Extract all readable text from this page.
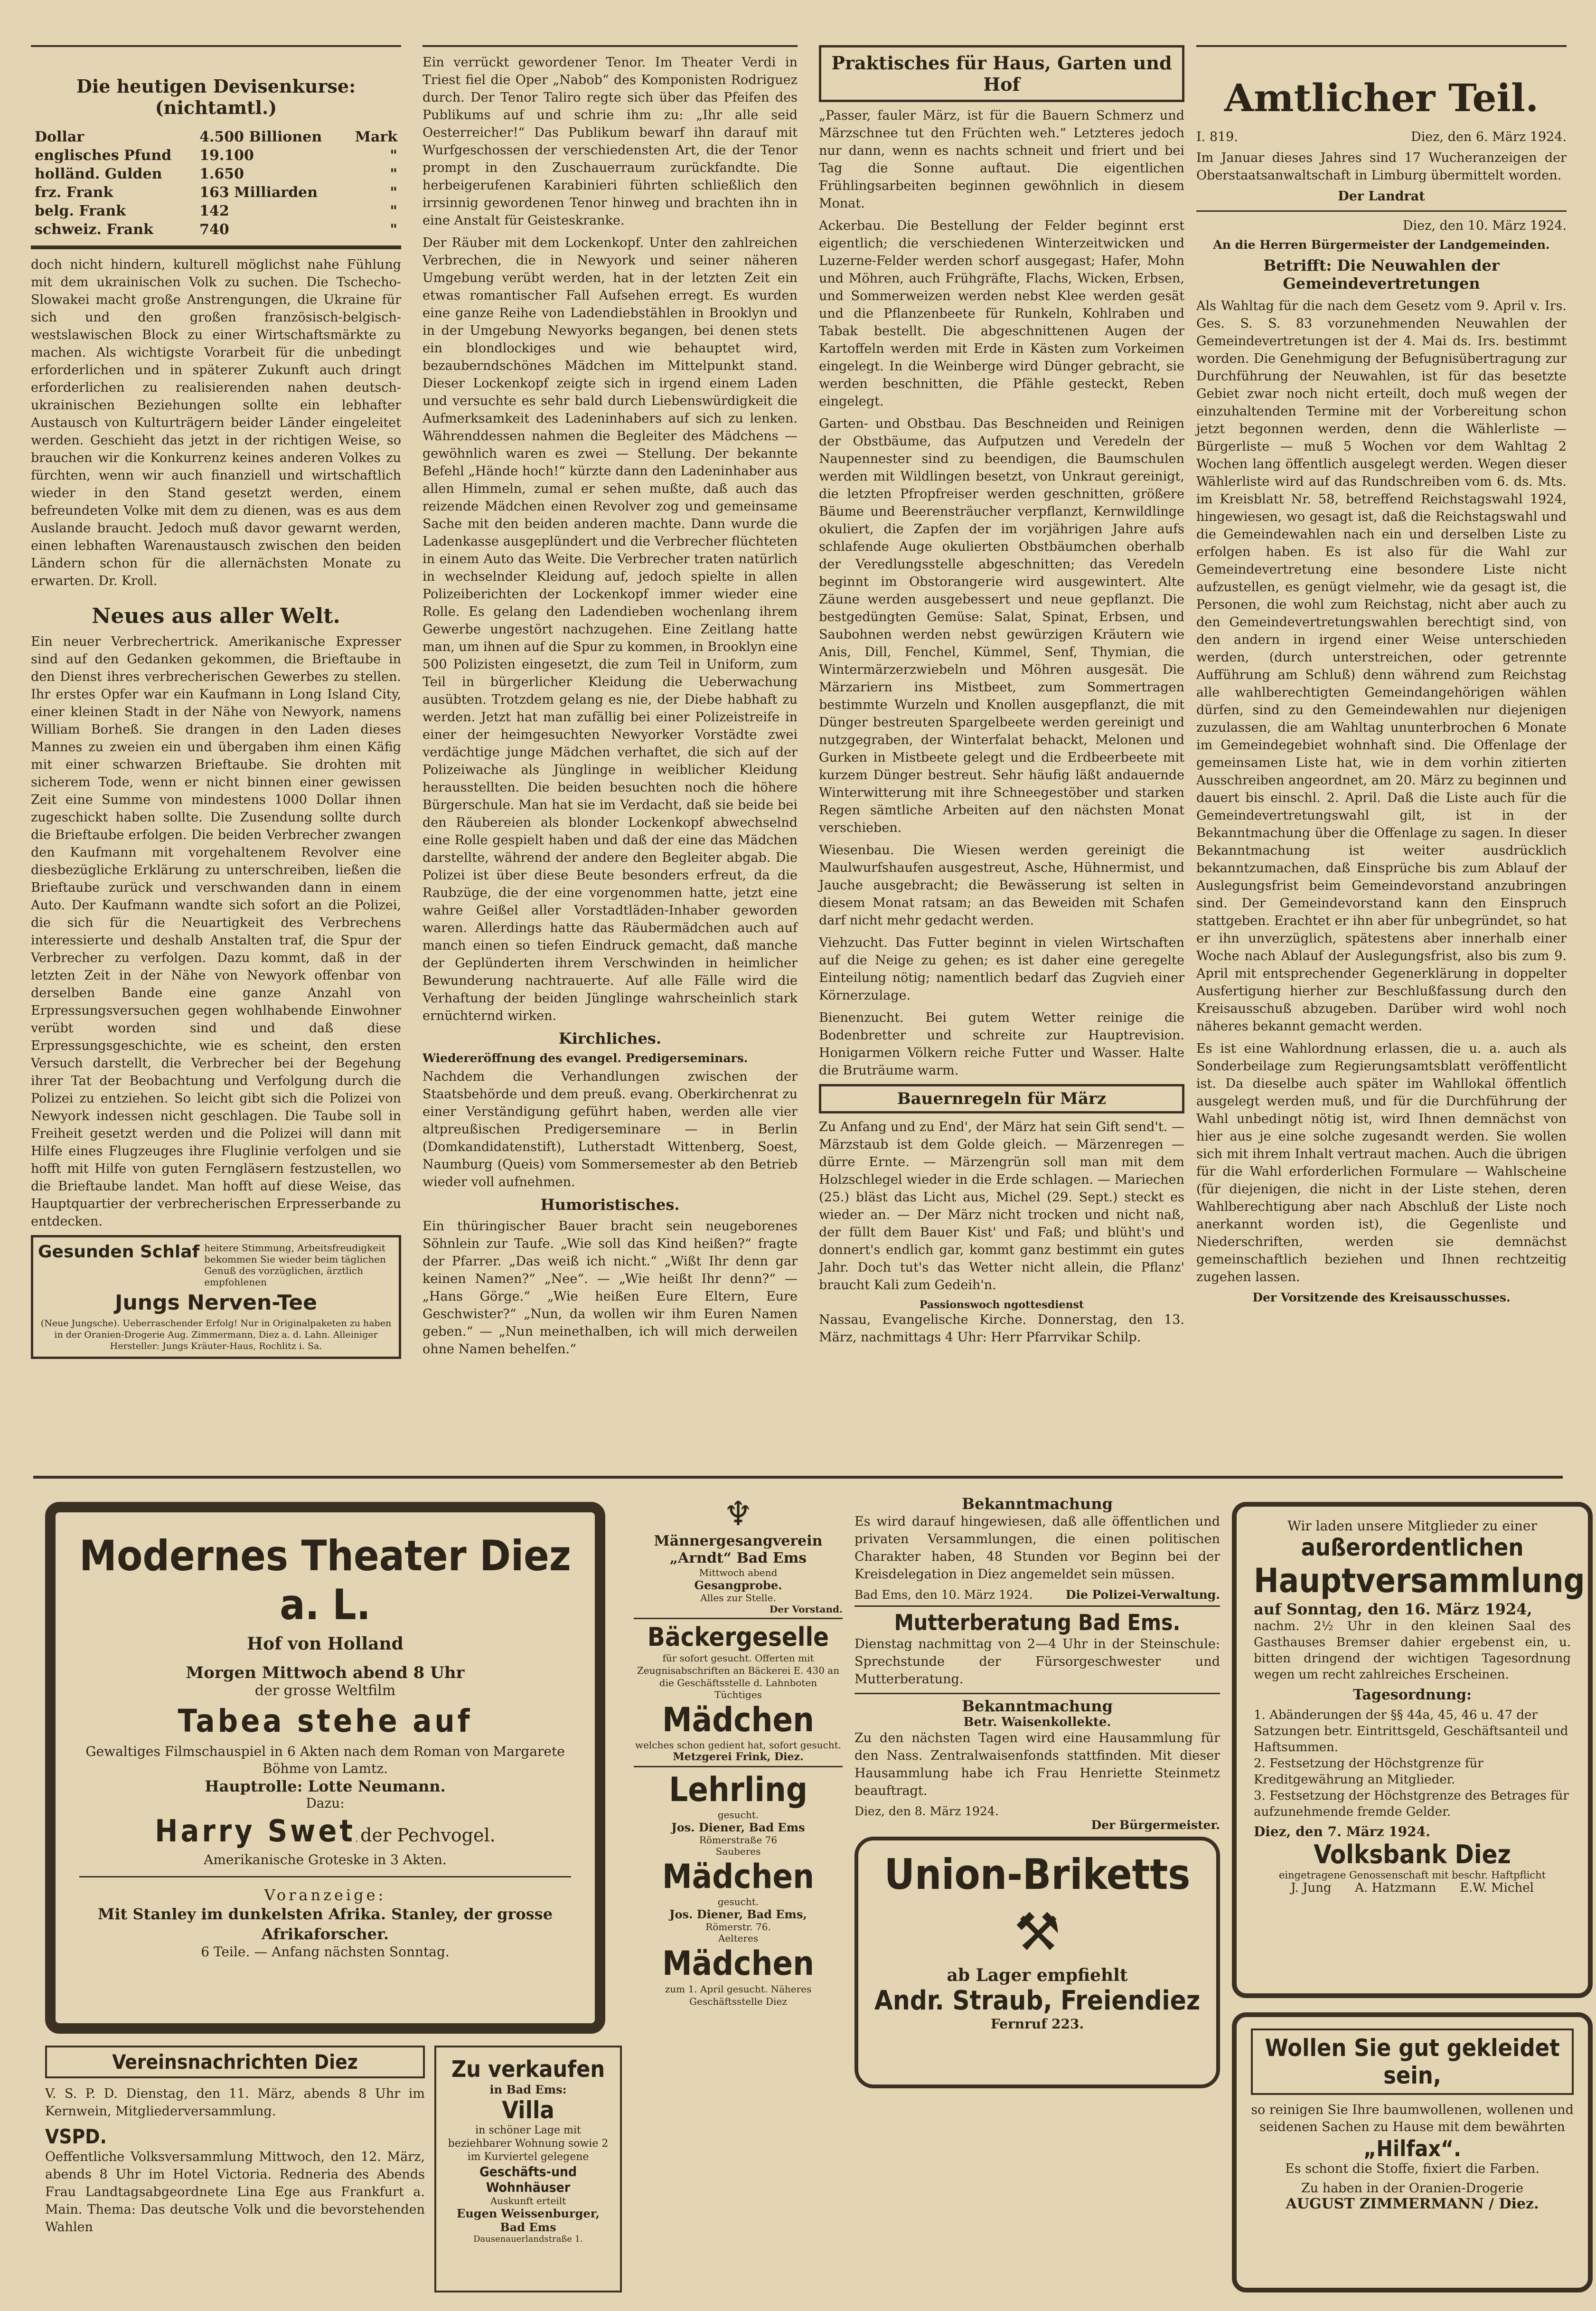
Die heutigen Devisenkurse: (nichtamtl.)
Dollar	4.500 Billionen	Mark
englisches Pfund	19.100	"
holländ. Gulden	1.650	"
frz. Frank	163 Milliarden	"
belg. Frank	142	"
schweiz. Frank	740	"

doch nicht hindern, kulturell möglichst nahe Fühlung mit dem ukrainischen Volk zu suchen. Die Tschecho-Slowakei macht große Anstrengungen, die Ukraine für sich und den großen französisch-belgisch-westslawischen Block zu einer Wirtschaftsmärkte zu machen. Als wichtigste Vorarbeit für die unbedingt erforderlichen und in späterer Zukunft auch dringt erforderlichen zu realisierenden nahen deutsch-ukrainischen Beziehungen sollte ein lebhafter Austausch von Kulturträgern beider Länder eingeleitet werden. Geschieht das jetzt in der richtigen Weise, so brauchen wir die Konkurrenz keines anderen Volkes zu fürchten, wenn wir auch finanziell und wirtschaftlich wieder in den Stand gesetzt werden, einem befreundeten Volke mit dem zu dienen, was es aus dem Auslande braucht. Jedoch muß davor gewarnt werden, einen lebhaften Warenaustausch zwischen den beiden Ländern schon für die allernächsten Monate zu erwarten. Dr. Kroll.

Neues aus aller Welt.

Ein neuer Verbrechertrick. Amerikanische Expresser sind auf den Gedanken gekommen, die Brieftaube in den Dienst ihres verbrecherischen Gewerbes zu stellen. Ihr erstes Opfer war ein Kaufmann in Long Island City, einer kleinen Stadt in der Nähe von Newyork, namens William Borheß. Sie drangen in den Laden dieses Mannes zu zweien ein und übergaben ihm einen Käfig mit einer schwarzen Brieftaube. Sie drohten mit sicherem Tode, wenn er nicht binnen einer gewissen Zeit eine Summe von mindestens 1000 Dollar ihnen zugeschickt haben sollte. Die Zusendung sollte durch die Brieftaube erfolgen. Die beiden Verbrecher zwangen den Kaufmann mit vorgehaltenem Revolver eine diesbezügliche Erklärung zu unterschreiben, ließen die Brieftaube zurück und verschwanden dann in einem Auto. Der Kaufmann wandte sich sofort an die Polizei, die sich für die Neuartigkeit des Verbrechens interessierte und deshalb Anstalten traf, die Spur der Verbrecher zu verfolgen. Dazu kommt, daß in der letzten Zeit in der Nähe von Newyork offenbar von derselben Bande eine ganze Anzahl von Erpressungsversuchen gegen wohlhabende Einwohner verübt worden sind und daß diese Erpressungsgeschichte, wie es scheint, den ersten Versuch darstellt, die Verbrecher bei der Begehung ihrer Tat der Beobachtung und Verfolgung durch die Polizei zu entziehen. So leicht gibt sich die Polizei von Newyork indessen nicht geschlagen. Die Taube soll in Freiheit gesetzt werden und die Polizei will dann mit Hilfe eines Flugzeuges ihre Fluglinie verfolgen und sie hofft mit Hilfe von guten Ferngläsern festzustellen, wo die Brieftaube landet. Man hofft auf diese Weise, das Hauptquartier der verbrecherischen Erpresserbande zu entdecken.

Gesunden Schlaf heitere Stimmung, Arbeitsfreudigkeit bekommen Sie wieder beim täglichen Genuß des vorzüglichen, ärztlich empfohlenen
Jungs Nerven-Tee
(Neue Jungsche). Ueberraschender Erfolg! Nur in Originalpaketen zu haben in der Oranien-Drogerie Aug. Zimmermann, Diez a. d. Lahn. Alleiniger Hersteller: Jungs Kräuter-Haus, Rochlitz i. Sa.

Ein verrückt gewordener Tenor. Im Theater Verdi in Triest fiel die Oper „Nabob“ des Komponisten Rodriguez durch. Der Tenor Taliro regte sich über das Pfeifen des Publikums auf und schrie ihm zu: „Ihr alle seid Oesterreicher!“ Das Publikum bewarf ihn darauf mit Wurfgeschossen der verschiedensten Art, die der Tenor prompt in den Zuschauerraum zurückfandte. Die herbeigerufenen Karabinieri führten schließlich den irrsinnig gewordenen Tenor hinweg und brachten ihn in eine Anstalt für Geisteskranke.

Der Räuber mit dem Lockenkopf. Unter den zahlreichen Verbrechen, die in Newyork und seiner näheren Umgebung verübt werden, hat in der letzten Zeit ein etwas romantischer Fall Aufsehen erregt. Es wurden eine ganze Reihe von Ladendiebstählen in Brooklyn und in der Umgebung Newyorks begangen, bei denen stets ein blondlockiges und wie behauptet wird, bezauberndschönes Mädchen im Mittelpunkt stand. Dieser Lockenkopf zeigte sich in irgend einem Laden und versuchte es sehr bald durch Liebenswürdigkeit die Aufmerksamkeit des Ladeninhabers auf sich zu lenken. Währenddessen nahmen die Begleiter des Mädchens — gewöhnlich waren es zwei — Stellung. Der bekannte Befehl „Hände hoch!“ kürzte dann den Ladeninhaber aus allen Himmeln, zumal er sehen mußte, daß auch das reizende Mädchen einen Revolver zog und gemeinsame Sache mit den beiden anderen machte. Dann wurde die Ladenkasse ausgeplündert und die Verbrecher flüchteten in einem Auto das Weite. Die Verbrecher traten natürlich in wechselnder Kleidung auf, jedoch spielte in allen Polizeiberichten der Lockenkopf immer wieder eine Rolle. Es gelang den Ladendieben wochenlang ihrem Gewerbe ungestört nachzugehen. Eine Zeitlang hatte man, um ihnen auf die Spur zu kommen, in Brooklyn eine 500 Polizisten eingesetzt, die zum Teil in Uniform, zum Teil in bürgerlicher Kleidung die Ueberwachung ausübten. Trotzdem gelang es nie, der Diebe habhaft zu werden. Jetzt hat man zufällig bei einer Polizeistreife in einer der heimgesuchten Newyorker Vorstädte zwei verdächtige junge Mädchen verhaftet, die sich auf der Polizeiwache als Jünglinge in weiblicher Kleidung herausstellten. Die beiden besuchten noch die höhere Bürgerschule. Man hat sie im Verdacht, daß sie beide bei den Räubereien als blonder Lockenkopf abwechselnd eine Rolle gespielt haben und daß der eine das Mädchen darstellte, während der andere den Begleiter abgab. Die Polizei ist über diese Beute besonders erfreut, da die Raubzüge, die der eine vorgenommen hatte, jetzt eine wahre Geißel aller Vorstadtläden-Inhaber geworden waren. Allerdings hatte das Räubermädchen auch auf manch einen so tiefen Eindruck gemacht, daß manche der Geplünderten ihrem Verschwinden in heimlicher Bewunderung nachtrauerte. Auf alle Fälle wird die Verhaftung der beiden Jünglinge wahrscheinlich stark ernüchternd wirken.

Kirchliches.
Wiedereröffnung des evangel. Predigerseminars.

Nachdem die Verhandlungen zwischen der Staatsbehörde und dem preuß. evang. Oberkirchenrat zu einer Verständigung geführt haben, werden alle vier altpreußischen Predigerseminare — in Berlin (Domkandidatenstift), Lutherstadt Wittenberg, Soest, Naumburg (Queis) vom Sommersemester ab den Betrieb wieder voll aufnehmen.

Humoristisches.

Ein thüringischer Bauer bracht sein neugeborenes Söhnlein zur Taufe. „Wie soll das Kind heißen?“ fragte der Pfarrer. „Das weiß ich nicht.“ „Wißt Ihr denn gar keinen Namen?“ „Nee“. — „Wie heißt Ihr denn?“ — „Hans Görge.“ „Wie heißen Eure Eltern, Eure Geschwister?“ „Nun, da wollen wir ihm Euren Namen geben.“ — „Nun meinethalben, ich will mich derweilen ohne Namen behelfen.“

Praktisches für Haus, Garten und Hof

„Passer, fauler März, ist für die Bauern Schmerz und Märzschnee tut den Früchten weh.“ Letzteres jedoch nur dann, wenn es nachts schneit und friert und bei Tag die Sonne auftaut. Die eigentlichen Frühlingsarbeiten beginnen gewöhnlich in diesem Monat.

Ackerbau. Die Bestellung der Felder beginnt erst eigentlich; die verschiedenen Winterzeitwicken und Luzerne-Felder werden schorf ausgegast; Hafer, Mohn und Möhren, auch Frühgräfte, Flachs, Wicken, Erbsen, und Sommerweizen werden nebst Klee werden gesät und die Pflanzenbeete für Runkeln, Kohlraben und Tabak bestellt. Die abgeschnittenen Augen der Kartoffeln werden mit Erde in Kästen zum Vorkeimen eingelegt. In die Weinberge wird Dünger gebracht, sie werden beschnitten, die Pfähle gesteckt, Reben eingelegt.

Garten- und Obstbau. Das Beschneiden und Reinigen der Obstbäume, das Aufputzen und Veredeln der Naupennester sind zu beendigen, die Baumschulen werden mit Wildlingen besetzt, von Unkraut gereinigt, die letzten Pfropfreiser werden geschnitten, größere Bäume und Beerensträucher verpflanzt, Kernwildlinge okuliert, die Zapfen der im vorjährigen Jahre aufs schlafende Auge okulierten Obstbäumchen oberhalb der Veredlungsstelle abgeschnitten; das Veredeln beginnt im Obstorangerie wird ausgewintert. Alte Zäune werden ausgebessert und neue gepflanzt. Die bestgedüngten Gemüse: Salat, Spinat, Erbsen, und Saubohnen werden nebst gewürzigen Kräutern wie Anis, Dill, Fenchel, Kümmel, Senf, Thymian, die Wintermärzerzwiebeln und Möhren ausgesät. Die Märzariern ins Mistbeet, zum Sommertragen bestimmte Wurzeln und Knollen ausgepflanzt, die mit Dünger bestreuten Spargelbeete werden gereinigt und nutzgegraben, der Winterfalat behackt, Melonen und Gurken in Mistbeete gelegt und die Erdbeerbeete mit kurzem Dünger bestreut. Sehr häufig läßt andauernde Winterwitterung mit ihre Schneegestöber und starken Regen sämtliche Arbeiten auf den nächsten Monat verschieben.

Wiesenbau. Die Wiesen werden gereinigt die Maulwurfshaufen ausgestreut, Asche, Hühnermist, und Jauche ausgebracht; die Bewässerung ist selten in diesem Monat ratsam; an das Beweiden mit Schafen darf nicht mehr gedacht werden.

Viehzucht. Das Futter beginnt in vielen Wirtschaften auf die Neige zu gehen; es ist daher eine geregelte Einteilung nötig; namentlich bedarf das Zugvieh einer Körnerzulage.

Bienenzucht. Bei gutem Wetter reinige die Bodenbretter und schreite zur Hauptrevision. Honigarmen Völkern reiche Futter und Wasser. Halte die Bruträume warm.

Bauernregeln für März

Zu Anfang und zu End', der März hat sein Gift send't. — Märzstaub ist dem Golde gleich. — Märzenregen — dürre Ernte. — Märzengrün soll man mit dem Holzschlegel wieder in die Erde schlagen. — Mariechen (25.) bläst das Licht aus, Michel (29. Sept.) steckt es wieder an. — Der März nicht trocken und nicht naß, der füllt dem Bauer Kist' und Faß; und blüht's und donnert's endlich gar, kommt ganz bestimmt ein gutes Jahr. Doch tut's das Wetter nicht allein, die Pflanz' braucht Kali zum Gedeih'n.

Passionswoch ngottesdienst

Nassau, Evangelische Kirche. Donnerstag, den 13. März, nachmittags 4 Uhr: Herr Pfarrvikar Schilp.

Amtlicher Teil.
I. 819.	Diez, den 6. März 1924.

Im Januar dieses Jahres sind 17 Wucheranzeigen der Oberstaatsanwaltschaft in Limburg übermittelt worden.

Der Landrat
Diez, den 10. März 1924.
An die Herren Bürgermeister der Landgemeinden.
Betrifft: Die Neuwahlen der Gemeindevertretungen

Als Wahltag für die nach dem Gesetz vom 9. April v. Irs. Ges. S. S. 83 vorzunehmenden Neuwahlen der Gemeindevertretungen ist der 4. Mai ds. Irs. bestimmt worden. Die Genehmigung der Befugnisübertragung zur Durchführung der Neuwahlen, ist für das besetzte Gebiet zwar noch nicht erteilt, doch muß wegen der einzuhaltenden Termine mit der Vorbereitung schon jetzt begonnen werden, denn die Wählerliste — Bürgerliste — muß 5 Wochen vor dem Wahltag 2 Wochen lang öffentlich ausgelegt werden. Wegen dieser Wählerliste wird auf das Rundschreiben vom 6. ds. Mts. im Kreisblatt Nr. 58, betreffend Reichstagswahl 1924, hingewiesen, wo gesagt ist, daß die Reichstagswahl und die Gemeindewahlen nach ein und derselben Liste zu erfolgen haben. Es ist also für die Wahl zur Gemeindevertretung eine besondere Liste nicht aufzustellen, es genügt vielmehr, wie da gesagt ist, die Personen, die wohl zum Reichstag, nicht aber auch zu den Gemeindevertretungswahlen berechtigt sind, von den andern in irgend einer Weise unterschieden werden, (durch unterstreichen, oder getrennte Aufführung am Schluß) denn während zum Reichstag alle wahlberechtigten Gemeindangehörigen wählen dürfen, sind zu den Gemeindewahlen nur diejenigen zuzulassen, die am Wahltag ununterbrochen 6 Monate im Gemeindegebiet wohnhaft sind. Die Offenlage der gemeinsamen Liste hat, wie in dem vorhin zitierten Ausschreiben angeordnet, am 20. März zu beginnen und dauert bis einschl. 2. April. Daß die Liste auch für die Gemeindevertretungswahl gilt, ist in der Bekanntmachung über die Offenlage zu sagen. In dieser Bekanntmachung ist weiter ausdrücklich bekanntzumachen, daß Einsprüche bis zum Ablauf der Auslegungsfrist beim Gemeindevorstand anzubringen sind. Der Gemeindevorstand kann den Einspruch stattgeben. Erachtet er ihn aber für unbegründet, so hat er ihn unverzüglich, spätestens aber innerhalb einer Woche nach Ablauf der Auslegungsfrist, also bis zum 9. April mit entsprechender Gegenerklärung in doppelter Ausfertigung hierher zur Beschlußfassung durch den Kreisausschuß abzugeben. Darüber wird wohl noch näheres bekannt gemacht werden.

Es ist eine Wahlordnung erlassen, die u. a. auch als Sonderbeilage zum Regierungsamtsblatt veröffentlicht ist. Da dieselbe auch später im Wahllokal öffentlich ausgelegt werden muß, und für die Durchführung der Wahl unbedingt nötig ist, wird Ihnen demnächst von hier aus je eine solche zugesandt werden. Sie wollen sich mit ihrem Inhalt vertraut machen. Auch die übrigen für die Wahl erforderlichen Formulare — Wahlscheine (für diejenigen, die nicht in der Liste stehen, deren Wahlberechtigung aber nach Abschluß der Liste noch anerkannt worden ist), die Gegenliste und Niederschriften, werden sie demnächst gemeinschaftlich beziehen und Ihnen rechtzeitig zugehen lassen.

Der Vorsitzende des Kreisausschusses.
Modernes Theater Diez a. L.
Hof von Holland
Morgen Mittwoch abend 8 Uhr
der grosse Weltfilm
Tabea stehe auf
Gewaltiges Filmschauspiel in 6 Akten nach dem Roman von Margarete Böhme von Lamtz.
Hauptrolle: Lotte Neumann.
Dazu:
Harry Swet, der Pechvogel.
Amerikanische Groteske in 3 Akten.
Voranzeige:
Mit Stanley im dunkelsten Afrika. Stanley, der grosse Afrikaforscher.
6 Teile. — Anfang nächsten Sonntag.
Vereinsnachrichten Diez

V. S. P. D. Dienstag, den 11. März, abends 8 Uhr im Kernwein, Mitgliederversammlung.

VSPD.

Oeffentliche Volksversammlung Mittwoch, den 12. März, abends 8 Uhr im Hotel Victoria. Redneria des Abends Frau Landtagsabgeordnete Lina Ege aus Frankfurt a. Main. Thema: Das deutsche Volk und die bevorstehenden Wahlen

Zu verkaufen
in Bad Ems:
Villa
in schöner Lage mit beziehbarer Wohnung sowie 2 im Kurviertel gelegene
Geschäfts-und Wohnhäuser
Auskunft erteilt
Eugen Weissenburger, Bad Ems
Dausenauerlandstraße 1.
♆
Männergesangverein „Arndt“ Bad Ems
Mittwoch abend
Gesangprobe.
Alles zur Stelle.
Der Vorstand.
Bäckergeselle
für sofort gesucht. Offerten mit Zeugnisabschriften an Bäckerei E. 430 an die Geschäftsstelle d. Lahnboten
Tüchtiges
Mädchen
welches schon gedient hat, sofort gesucht.
Metzgerei Frink, Diez.
Lehrling
gesucht.
Jos. Diener, Bad Ems
Römerstraße 76
Sauberes
Mädchen
gesucht.
Jos. Diener, Bad Ems,
Römerstr. 76.
Aelteres
Mädchen
zum 1. April gesucht. Näheres Geschäftsstelle Diez
Bekanntmachung

Es wird darauf hingewiesen, daß alle öffentlichen und privaten Versammlungen, die einen politischen Charakter haben, 48 Stunden vor Beginn bei der Kreisdelegation in Diez angemeldet sein müssen.

Bad Ems, den 10. März 1924.	Die Polizei-Verwaltung.
Mutterberatung Bad Ems.

Dienstag nachmittag von 2—4 Uhr in der Steinschule: Sprechstunde der Fürsorgeschwester und Mutterberatung.

Bekanntmachung
Betr. Waisenkollekte.

Zu den nächsten Tagen wird eine Hausammlung für den Nass. Zentralwaisenfonds stattfinden. Mit dieser Hausammlung habe ich Frau Henriette Steinmetz beauftragt.

Diez, den 8. März 1924.
Der Bürgermeister.
Union-Briketts
⚒
ab Lager empfiehlt
Andr. Straub, Freiendiez
Fernruf 223.
Wir laden unsere Mitglieder zu einer
außerordentlichen
Hauptversammlung
auf Sonntag, den 16. März 1924,
nachm. 2½ Uhr in den kleinen Saal des Gasthauses Bremser dahier ergebenst ein, u. bitten dringend der wichtigen Tagesordnung wegen um recht zahlreiches Erscheinen.
Tagesordnung:
1. Abänderungen der §§ 44a, 45, 46 u. 47 der Satzungen betr. Eintrittsgeld, Geschäftsanteil und Haftsummen.
2. Festsetzung der Höchstgrenze für Kreditgewährung an Mitglieder.
3. Festsetzung der Höchstgrenze des Betrages für aufzunehmende fremde Gelder.
Diez, den 7. März 1924.
Volksbank Diez
eingetragene Genossenschaft mit beschr. Haftpflicht
J. Jung      A. Hatzmann      E.W. Michel
Wollen Sie gut gekleidet sein,
so reinigen Sie Ihre baumwollenen, wollenen und seidenen Sachen zu Hause mit dem bewährten
„Hilfax“.
Es schont die Stoffe, fixiert die Farben.
Zu haben in der Oranien-Drogerie
AUGUST ZIMMERMANN / Diez.
